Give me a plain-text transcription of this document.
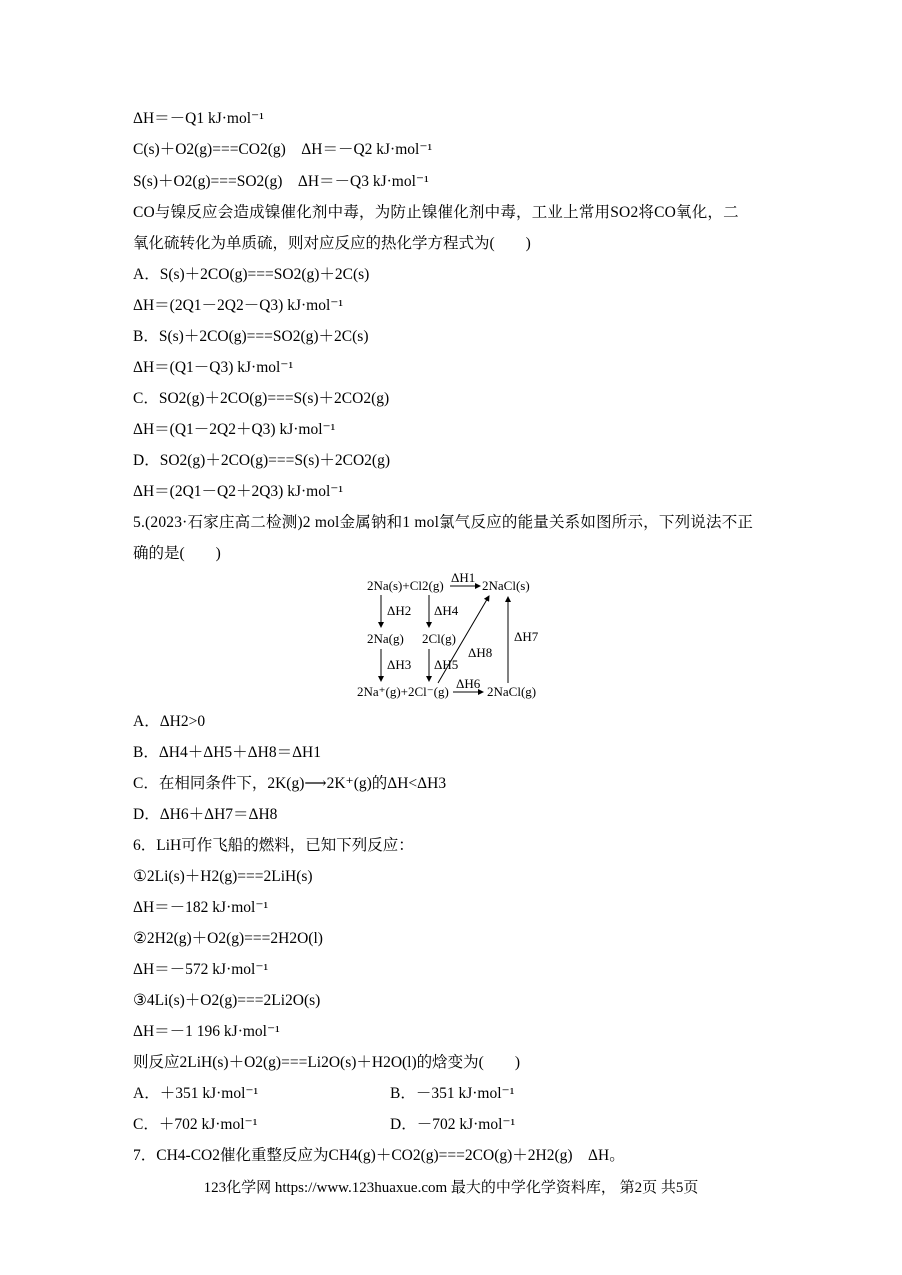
ΔH＝－Q1 kJ·mol⁻¹
C(s)＋O2(g)===CO2(g)　ΔH＝－Q2 kJ·mol⁻¹
S(s)＋O2(g)===SO2(g)　ΔH＝－Q3 kJ·mol⁻¹
CO与镍反应会造成镍催化剂中毒，为防止镍催化剂中毒，工业上常用SO2将CO氧化，二
氧化硫转化为单质硫，则对应反应的热化学方程式为(　　)
A．S(s)＋2CO(g)===SO2(g)＋2C(s)
ΔH＝(2Q1－2Q2－Q3) kJ·mol⁻¹
B．S(s)＋2CO(g)===SO2(g)＋2C(s)
ΔH＝(Q1－Q3) kJ·mol⁻¹
C．SO2(g)＋2CO(g)===S(s)＋2CO2(g)
ΔH＝(Q1－2Q2＋Q3) kJ·mol⁻¹
D．SO2(g)＋2CO(g)===S(s)＋2CO2(g)
ΔH＝(2Q1－Q2＋2Q3) kJ·mol⁻¹
5.(2023·石家庄高二检测)2 mol金属钠和1 mol氯气反应的能量关系如图所示，下列说法不正
确的是(　　)
2Na(s)+Cl2(g)	2NaCl(s)
2Na(g) 2Cl(g)
2Na⁺(g)+2Cl⁻(g)	2NaCl(g)
ΔH1
ΔH2 ΔH4
ΔH3 ΔH5
ΔH6
ΔH7
ΔH8
A．ΔH2>0
B．ΔH4＋ΔH5＋ΔH8＝ΔH1
C．在相同条件下，2K(g)⟶2K⁺(g)的ΔH<ΔH3
D．ΔH6＋ΔH7＝ΔH8
6．LiH可作飞船的燃料，已知下列反应：
①2Li(s)＋H2(g)===2LiH(s)
ΔH＝－182 kJ·mol⁻¹
②2H2(g)＋O2(g)===2H2O(l)
ΔH＝－572 kJ·mol⁻¹
③4Li(s)＋O2(g)===2Li2O(s)
ΔH＝－1 196 kJ·mol⁻¹
则反应2LiH(s)＋O2(g)===Li2O(s)＋H2O(l)的焓变为(　　)
A．＋351 kJ·mol⁻¹	B．－351 kJ·mol⁻¹
C．＋702 kJ·mol⁻¹	D．－702 kJ·mol⁻¹
7．CH4-CO2催化重整反应为CH4(g)＋CO2(g)===2CO(g)＋2H2(g)　ΔH。
123化学网 https://www.123huaxue.com 最大的中学化学资料库， 第2页 共5页
